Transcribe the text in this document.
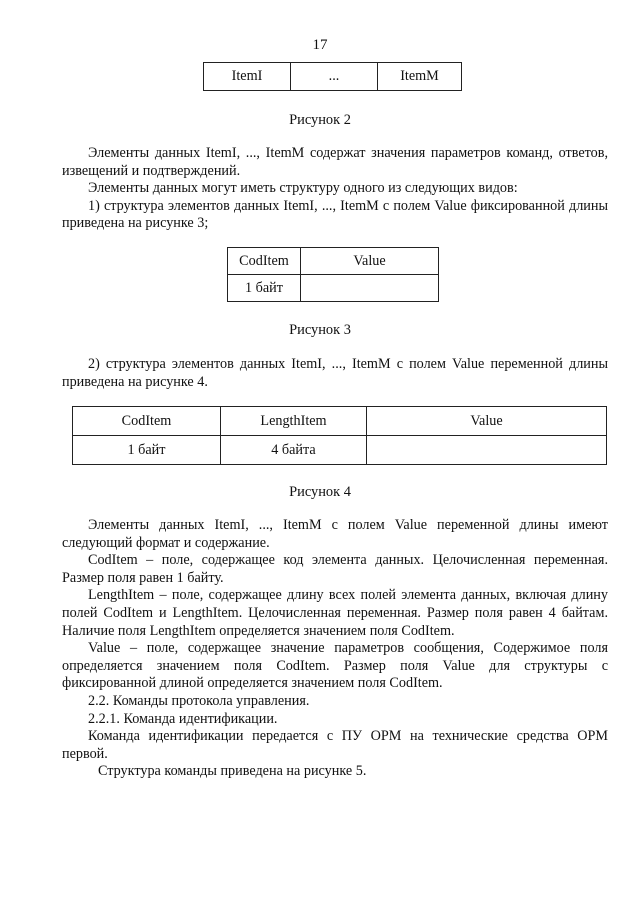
17
ItemI	...	ItemM
Рисунок 2

Элементы данных ItemI, ..., ItemM содержат значения параметров команд, ответов, извещений и подтверждений.

Элементы данных могут иметь структуру одного из следующих видов:

1) структура элементов данных ItemI, ..., ItemM с полем Value фиксированной длины приведена на рисунке 3;

CodItem	Value
1 байт	
Рисунок 3

2) структура элементов данных ItemI, ..., ItemM с полем Value переменной длины приведена на рисунке 4.

CodItem	LengthItem	Value
1 байт	4 байта	
Рисунок 4

Элементы данных ItemI, ..., ItemM с полем Value переменной длины имеют следующий формат и содержание.

CodItem – поле, содержащее код элемента данных. Целочисленная переменная. Размер поля равен 1 байту.

LengthItem – поле, содержащее длину всех полей элемента данных, включая длину полей CodItem и LengthItem. Целочисленная переменная. Размер поля равен 4 байтам. Наличие поля LengthItem определяется значением поля CodItem.

Value – поле, содержащее значение параметров сообщения, Содержимое поля определяется значением поля CodItem. Размер поля Value для структуры с фиксированной длиной определяется значением поля CodItem.

2.2. Команды протокола управления.

2.2.1. Команда идентификации.

Команда идентификации передается с ПУ ОРМ на технические средства ОРМ первой.

Структура команды приведена на рисунке 5.
